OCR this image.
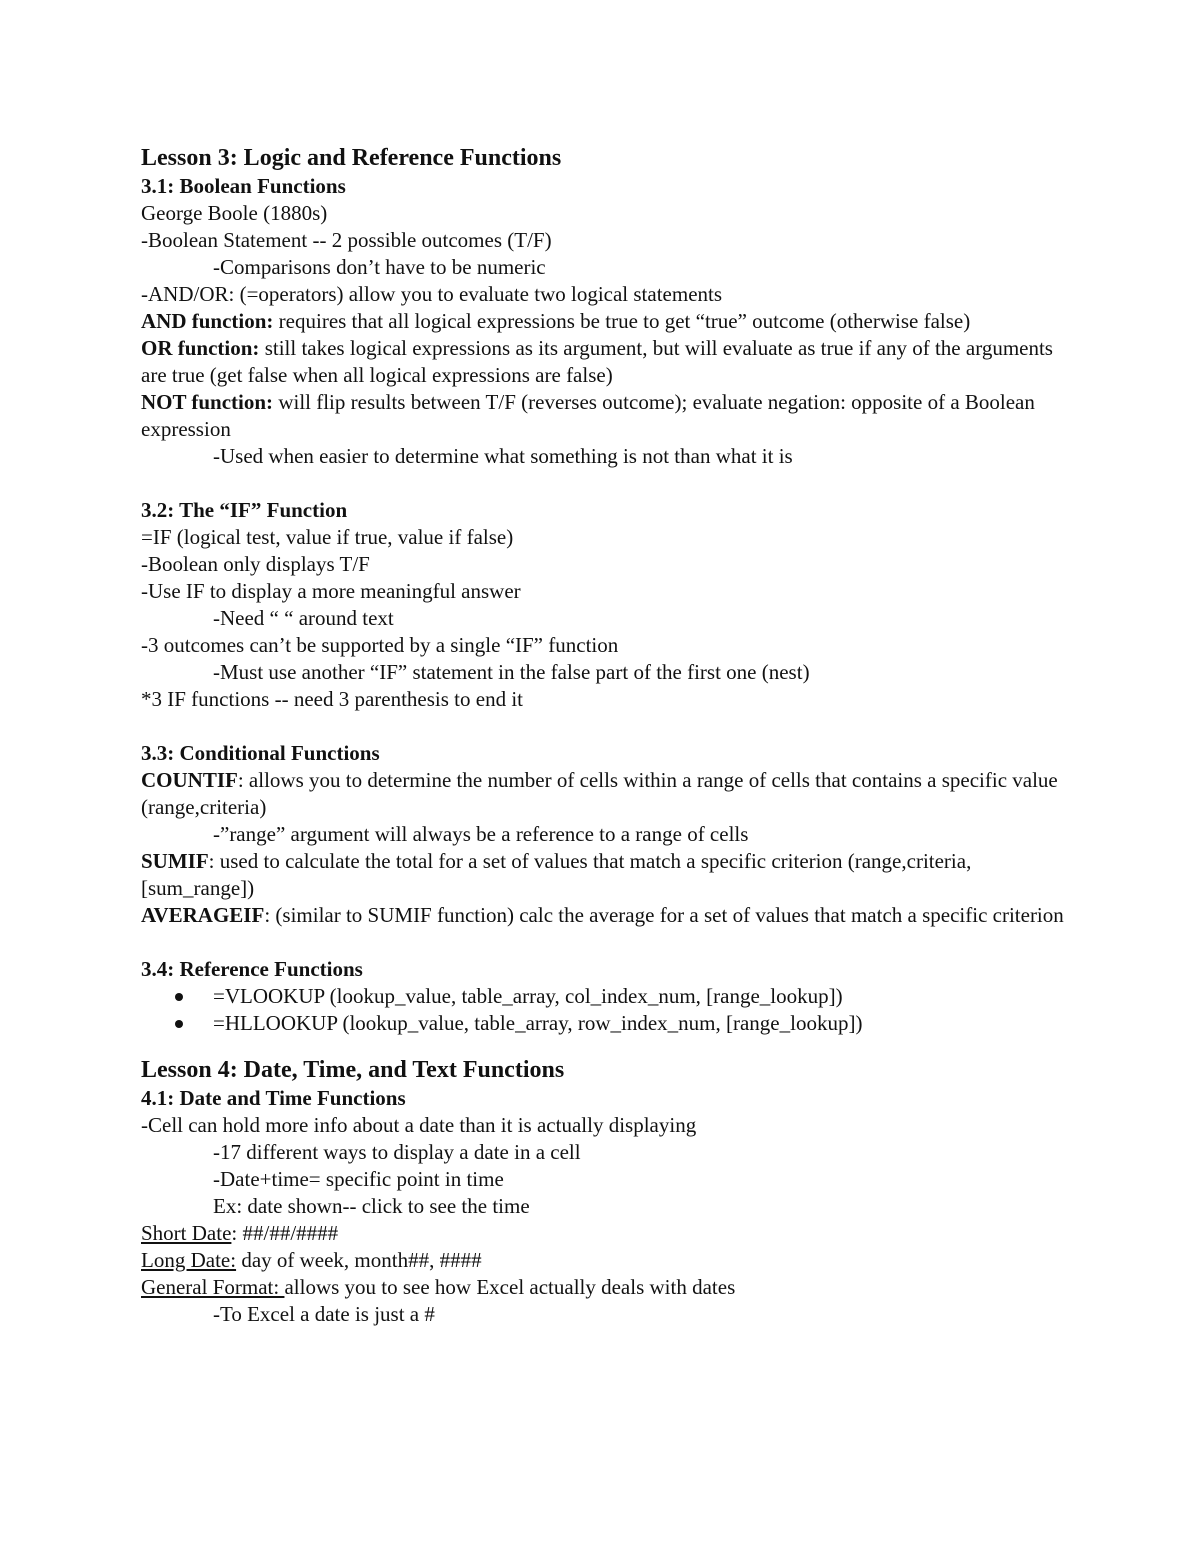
Lesson 3: Logic and Reference Functions

3.1: Boolean Functions

George Boole (1880s)

-Boolean Statement -- 2 possible outcomes (T/F)

-Comparisons don’t have to be numeric

-AND/OR: (=operators) allow you to evaluate two logical statements

AND function: requires that all logical expressions be true to get “true” outcome (otherwise false)

OR function: still takes logical expressions as its argument, but will evaluate as true if any of the arguments are true (get false when all logical expressions are false)

NOT function: will flip results between T/F (reverses outcome); evaluate negation: opposite of a Boolean expression

-Used when easier to determine what something is not than what it is

3.2: The “IF” Function

=IF (logical test, value if true, value if false)

-Boolean only displays T/F

-Use IF to display a more meaningful answer

-Need “ “ around text

-3 outcomes can’t be supported by a single “IF” function

-Must use another “IF” statement in the false part of the first one (nest)

*3 IF functions -- need 3 parenthesis to end it

3.3: Conditional Functions

COUNTIF: allows you to determine the number of cells within a range of cells that contains a specific value (range,criteria)

-”range” argument will always be a reference to a range of cells

SUMIF: used to calculate the total for a set of values that match a specific criterion (range,criteria,[sum_range])

AVERAGEIF: (similar to SUMIF function) calc the average for a set of values that match a specific criterion

3.4: Reference Functions

=VLOOKUP (lookup_value, table_array, col_index_num, [range_lookup])
=HLLOOKUP (lookup_value, table_array, row_index_num, [range_lookup])
Lesson 4: Date, Time, and Text Functions

4.1: Date and Time Functions

-Cell can hold more info about a date than it is actually displaying

-17 different ways to display a date in a cell

-Date+time= specific point in time

Ex: date shown-- click to see the time

Short Date: ##/##/####

Long Date: day of week, month##, ####

General Format: allows you to see how Excel actually deals with dates

-To Excel a date is just a #
